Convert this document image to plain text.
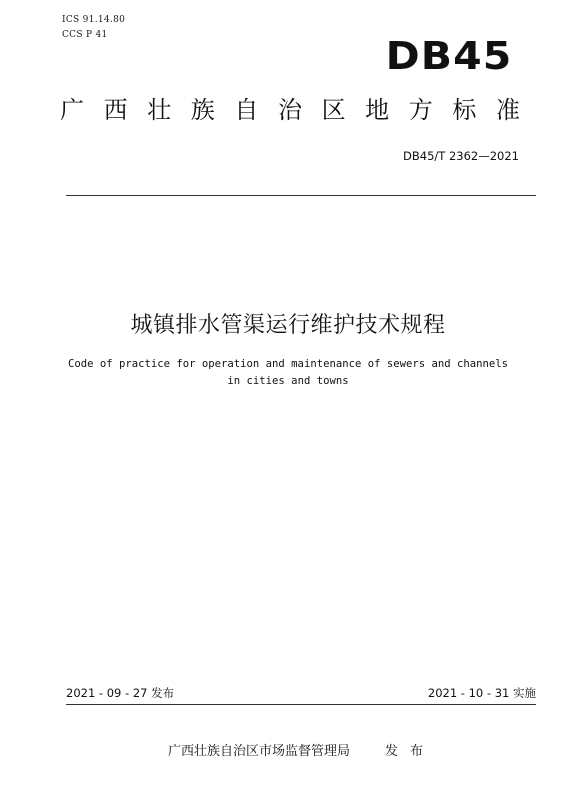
ICS 91.14.80
CCS P 41	DB45
广 西 壮 族 自 治 区 地 方 标 准
DB45/T 2362—2021
城镇排水管渠运行维护技术规程
Code of practice for operation and maintenance of sewers and channels
in cities and towns
2021 - 09 - 27 发布	2021 - 10 - 31 实施
广西壮族自治区市场监督管理局	发布
